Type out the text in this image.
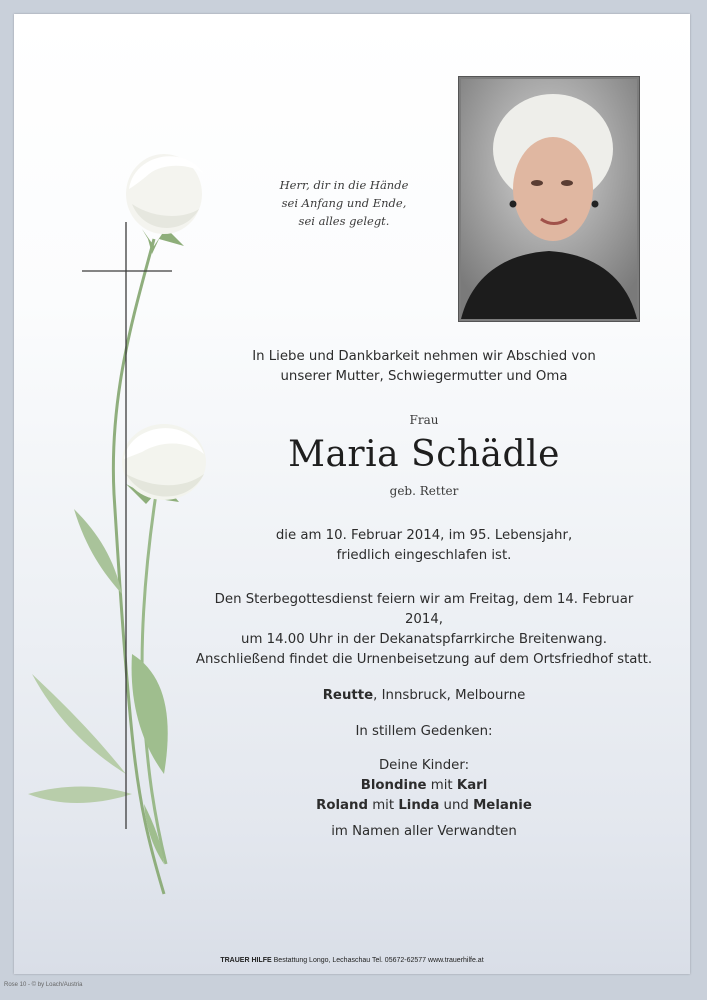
Herr, dir in die Hände
sei Anfang und Ende,
sei alles gelegt.
In Liebe und Dankbarkeit nehmen wir Abschied von
unserer Mutter, Schwiegermutter und Oma
Frau
Maria Schädle
geb. Retter
die am 10. Februar 2014, im 95. Lebensjahr,
friedlich eingeschlafen ist.
Den Sterbegottesdienst feiern wir am Freitag, dem 14. Februar 2014,
um 14.00 Uhr in der Dekanatspfarrkirche Breitenwang.
Anschließend findet die Urnenbeisetzung auf dem Ortsfriedhof statt.
Reutte, Innsbruck, Melbourne
In stillem Gedenken:
Deine Kinder:
Blondine mit Karl
Roland mit Linda und Melanie
im Namen aller Verwandten
TRAUER HILFE Bestattung Longo, Lechaschau Tel. 05672-62577 www.trauerhilfe.at
Rose 10 - © by Loach/Austria
